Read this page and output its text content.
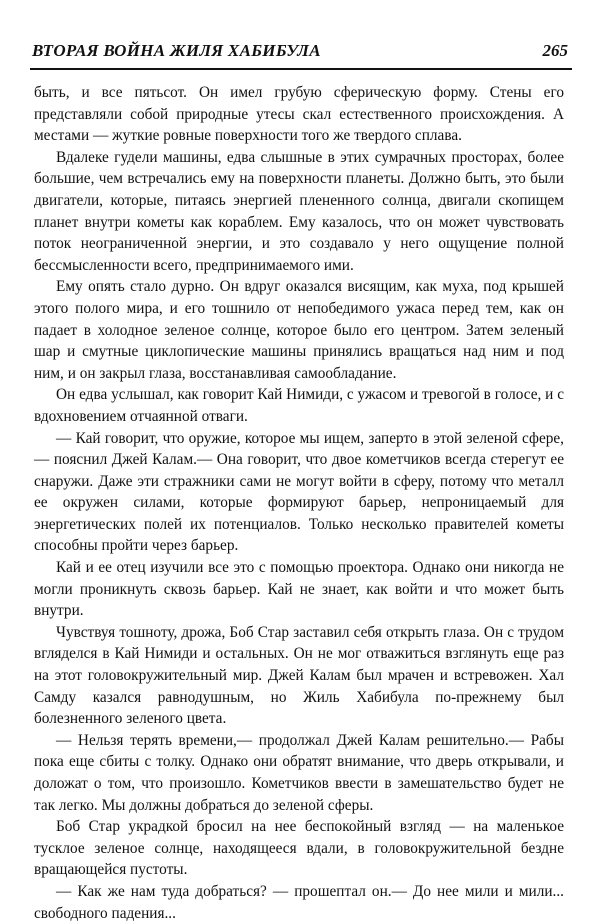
ВТОРАЯ ВОЙНА ЖИЛЯ ХАБИБУЛА	265

быть, и все пятьсот. Он имел грубую сферическую форму. Стены его представляли собой природные утесы скал естественного происхождения. А местами — жуткие ровные поверхности того же твердого сплава.

Вдалеке гудели машины, едва слышные в этих сумрачных просторах, более большие, чем встречались ему на поверхности планеты. Должно быть, это были двигатели, которые, питаясь энергией плененного солнца, двигали скопищем планет внутри кометы как кораблем. Ему казалось, что он может чувствовать поток неограниченной энергии, и это создавало у него ощущение полной бессмысленности всего, предпринимаемого ими.

Ему опять стало дурно. Он вдруг оказался висящим, как муха, под крышей этого полого мира, и его тошнило от непобедимого ужаса перед тем, как он падает в холодное зеленое солнце, которое было его центром. Затем зеленый шар и смутные циклопические машины принялись вращаться над ним и под ним, и он закрыл глаза, восстанавливая самообладание.

Он едва услышал, как говорит Кай Нимиди, с ужасом и тревогой в голосе, и с вдохновением отчаянной отваги.

— Кай говорит, что оружие, которое мы ищем, заперто в этой зеленой сфере,— пояснил Джей Калам.— Она говорит, что двое кометчиков всегда стерегут ее снаружи. Даже эти стражники сами не могут войти в сферу, потому что металл ее окружен силами, которые формируют барьер, непроницаемый для энергетических полей их потенциалов. Только несколько правителей кометы способны пройти через барьер.

Кай и ее отец изучили все это с помощью проектора. Однако они никогда не могли проникнуть сквозь барьер. Кай не знает, как войти и что может быть внутри.

Чувствуя тошноту, дрожа, Боб Стар заставил себя открыть глаза. Он с трудом вгляделся в Кай Нимиди и остальных. Он не мог отважиться взглянуть еще раз на этот головокружительный мир. Джей Калам был мрачен и встревожен. Хал Самду казался равнодушным, но Жиль Хабибула по-прежнему был болезненного зеленого цвета.

— Нельзя терять времени,— продолжал Джей Калам решительно.— Рабы пока еще сбиты с толку. Однако они обратят внимание, что дверь открывали, и доложат о том, что произошло. Кометчиков ввести в замешательство будет не так легко. Мы должны добраться до зеленой сферы.

Боб Стар украдкой бросил на нее беспокойный взгляд — на маленькое тусклое зеленое солнце, находящееся вдали, в головокружительной бездне вращающейся пустоты.

— Как же нам туда добраться? — прошептал он.— До нее мили и мили... свободного падения...
